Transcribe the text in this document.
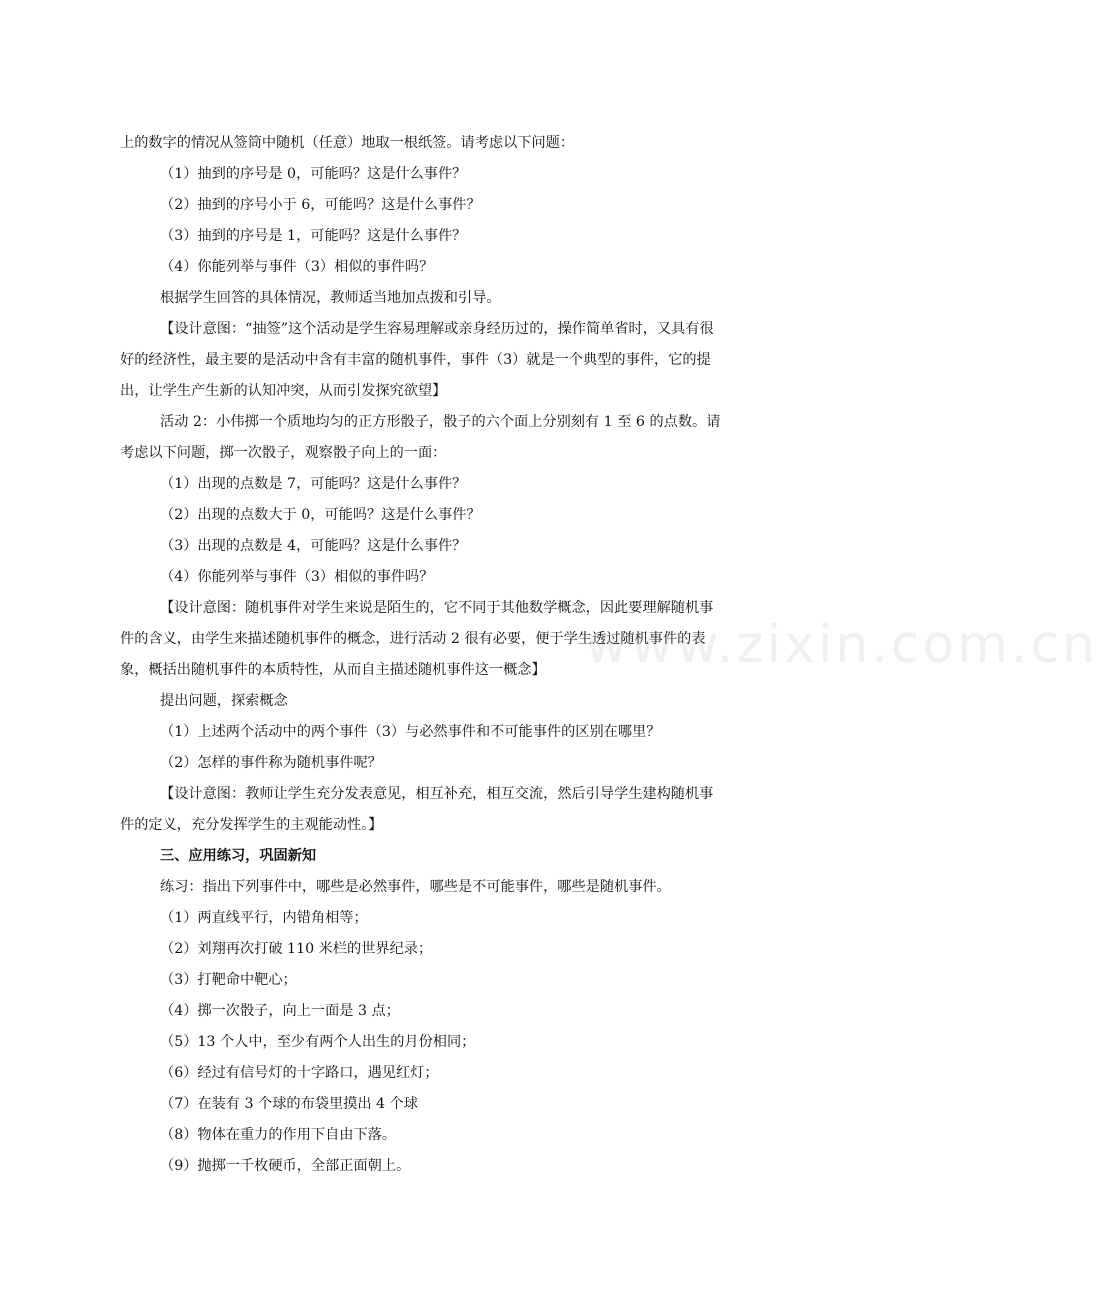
上的数字的情况从签筒中随机（任意）地取一根纸签。请考虑以下问题：
（1）抽到的序号是 0，可能吗？这是什么事件？
（2）抽到的序号小于 6，可能吗？这是什么事件？
（3）抽到的序号是 1，可能吗？这是什么事件？
（4）你能列举与事件（3）相似的事件吗？
根据学生回答的具体情况，教师适当地加点拨和引导。
【设计意图：“抽签”这个活动是学生容易理解或亲身经历过的，操作简单省时，又具有很
好的经济性，最主要的是活动中含有丰富的随机事件，事件（3）就是一个典型的事件，它的提
出，让学生产生新的认知冲突，从而引发探究欲望】
活动 2：小伟掷一个质地均匀的正方形骰子，骰子的六个面上分别刻有 1 至 6 的点数。请
考虑以下问题，掷一次骰子，观察骰子向上的一面：
（1）出现的点数是 7，可能吗？这是什么事件？
（2）出现的点数大于 0，可能吗？这是什么事件？
（3）出现的点数是 4，可能吗？这是什么事件？
（4）你能列举与事件（3）相似的事件吗？
【设计意图：随机事件对学生来说是陌生的，它不同于其他数学概念，因此要理解随机事
件的含义，由学生来描述随机事件的概念，进行活动 2 很有必要，便于学生透过随机事件的表
象，概括出随机事件的本质特性，从而自主描述随机事件这一概念】
提出问题，探索概念
（1）上述两个活动中的两个事件（3）与必然事件和不可能事件的区别在哪里？
（2）怎样的事件称为随机事件呢？
【设计意图：教师让学生充分发表意见，相互补充，相互交流，然后引导学生建构随机事
件的定义，充分发挥学生的主观能动性。】
三、应用练习，巩固新知
练习：指出下列事件中，哪些是必然事件，哪些是不可能事件，哪些是随机事件。
（1）两直线平行，内错角相等；
（2）刘翔再次打破 110 米栏的世界纪录；
（3）打靶命中靶心；
（4）掷一次骰子，向上一面是 3 点；
（5）13 个人中，至少有两个人出生的月份相同；
（6）经过有信号灯的十字路口，遇见红灯；
（7）在装有 3 个球的布袋里摸出 4 个球
（8）物体在重力的作用下自由下落。
（9）抛掷一千枚硬币，全部正面朝上。
www.zixin.com.cn
